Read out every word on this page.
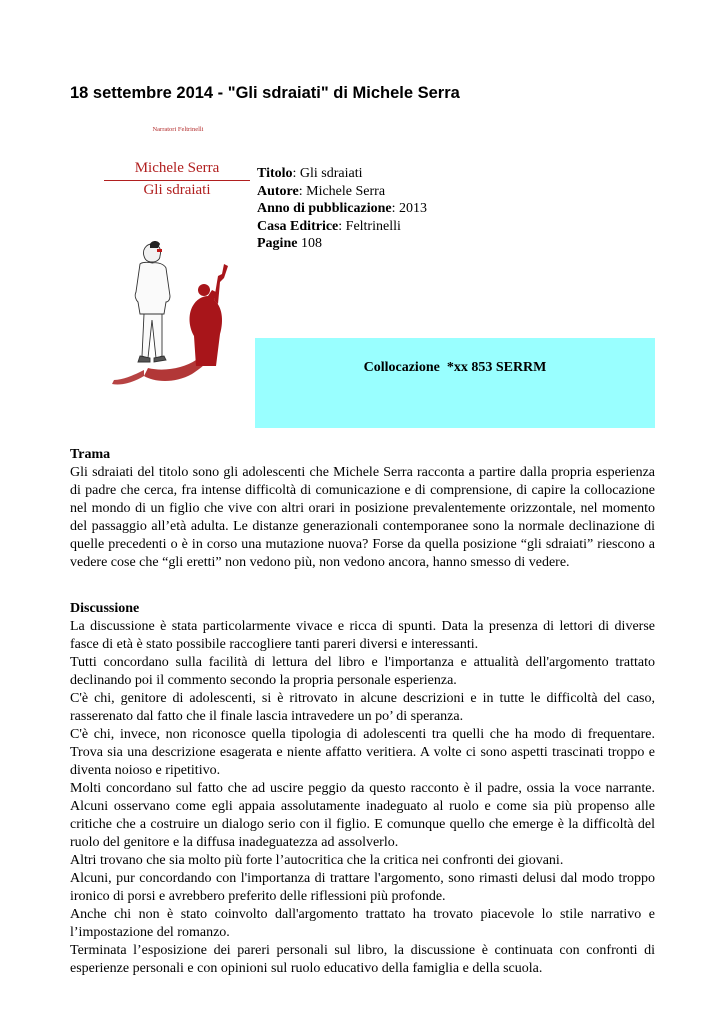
18 settembre 2014 - "Gli sdraiati" di Michele Serra
Narratori Feltrinelli
Michele Serra
Gli sdraiati
Titolo: Gli sdraiati
Autore: Michele Serra
Anno di pubblicazione: 2013
Casa Editrice: Feltrinelli
Pagine 108
Collocazione  *xx 853 SERRM
Trama

Gli sdraiati del titolo sono gli adolescenti che Michele Serra racconta a partire dalla propria esperienza di padre che cerca, fra intense difficoltà di comunicazione e di comprensione, di capire la collocazione nel mondo di un figlio che vive con altri orari in posizione prevalentemente orizzontale, nel momento del passaggio all’età adulta. Le distanze generazionali contemporanee sono la normale declinazione di quelle precedenti o è in corso una mutazione nuova? Forse da quella posizione “gli sdraiati” riescono a vedere cose che “gli eretti” non vedono più, non vedono ancora, hanno smesso di vedere.

Discussione

La discussione è stata particolarmente vivace e ricca di spunti. Data la presenza di lettori di diverse fasce di età è stato possibile raccogliere tanti pareri diversi e interessanti.

Tutti concordano sulla facilità di lettura del libro e l'importanza e attualità dell'argomento trattato declinando poi il commento secondo la propria personale esperienza.

C'è chi, genitore di adolescenti, si è ritrovato in alcune descrizioni e in tutte le difficoltà del caso, rasserenato dal fatto che il finale lascia intravedere un po’ di speranza.

C'è chi, invece, non riconosce quella tipologia di adolescenti tra quelli che ha modo di frequentare. Trova sia una descrizione esagerata e niente affatto veritiera. A volte ci sono aspetti trascinati troppo e diventa noioso e ripetitivo.

Molti concordano sul fatto che ad uscire peggio da questo racconto è il padre, ossia la voce narrante. Alcuni osservano come egli appaia assolutamente inadeguato al ruolo e come sia più propenso alle critiche che a costruire un dialogo serio con il figlio. E comunque quello che emerge è la difficoltà del ruolo del genitore e la diffusa inadeguatezza ad assolverlo.

Altri trovano che sia molto più forte l’autocritica che la critica nei confronti dei giovani.

Alcuni, pur concordando con l'importanza di trattare l'argomento, sono rimasti delusi dal modo troppo ironico di porsi e avrebbero preferito delle riflessioni più profonde.

Anche chi non è stato coinvolto dall'argomento trattato ha trovato piacevole lo stile narrativo e l’impostazione del romanzo.

Terminata l’esposizione dei pareri personali sul libro, la discussione è continuata con confronti di esperienze personali e con opinioni sul ruolo educativo della famiglia e della scuola.
